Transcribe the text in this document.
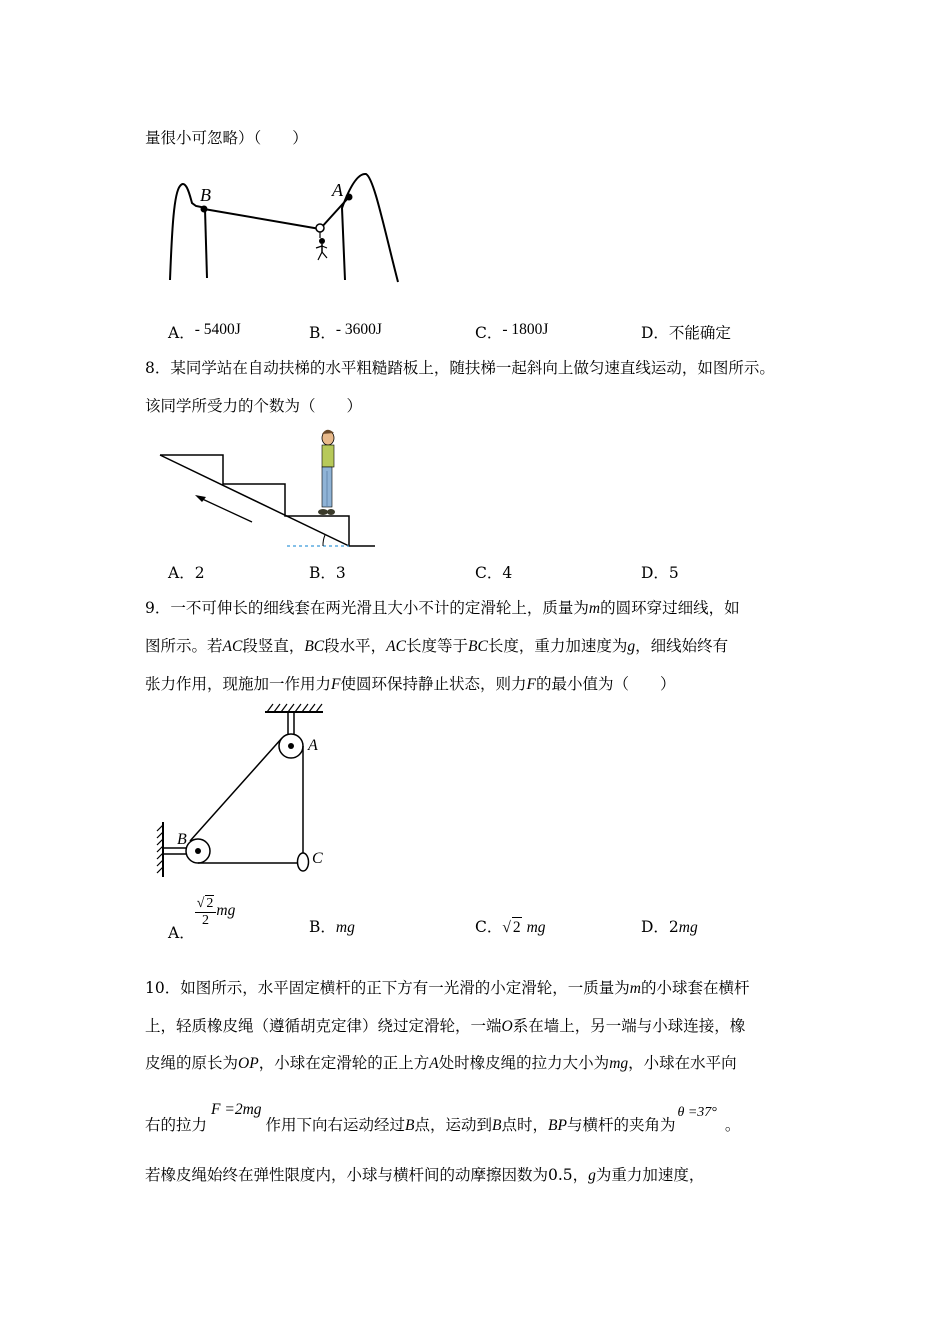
量很小可忽略）（　　）
B	A
A．- 5400J	B．- 3600J	C．- 1800J	D．不能确定
8．某同学站在自动扶梯的水平粗糙踏板上，随扶梯一起斜向上做匀速直线运动，如图所示。
该同学所受力的个数为（　　）
A．2	B．3	C．4	D．5
9．一不可伸长的细线套在两光滑且大小不计的定滑轮上，质量为m的圆环穿过细线，如
图所示。若AC段竖直，BC段水平，AC长度等于BC长度，重力加速度为g，细线始终有
张力作用，现施加一作用力F使圆环保持静止状态，则力F的最小值为（　　）
A
B
C
A．
$\frac{√ 2}{2}$ mg
B．mg	C．√ 2 mg	D．2mg
10．如图所示，水平固定横杆的正下方有一光滑的小定滑轮，一质量为m的小球套在横杆
上，轻质橡皮绳（遵循胡克定律）绕过定滑轮，一端O系在墙上，另一端与小球连接，橡
皮绳的原长为OP，小球在定滑轮的正上方A处时橡皮绳的拉力大小为mg，小球在水平向
右的拉力F =2mg作用下向右运动经过B点，运动到B点时，BP与横杆的夹角为θ =37°。
若橡皮绳始终在弹性限度内，小球与横杆间的动摩擦因数为0.5，g为重力加速度，
